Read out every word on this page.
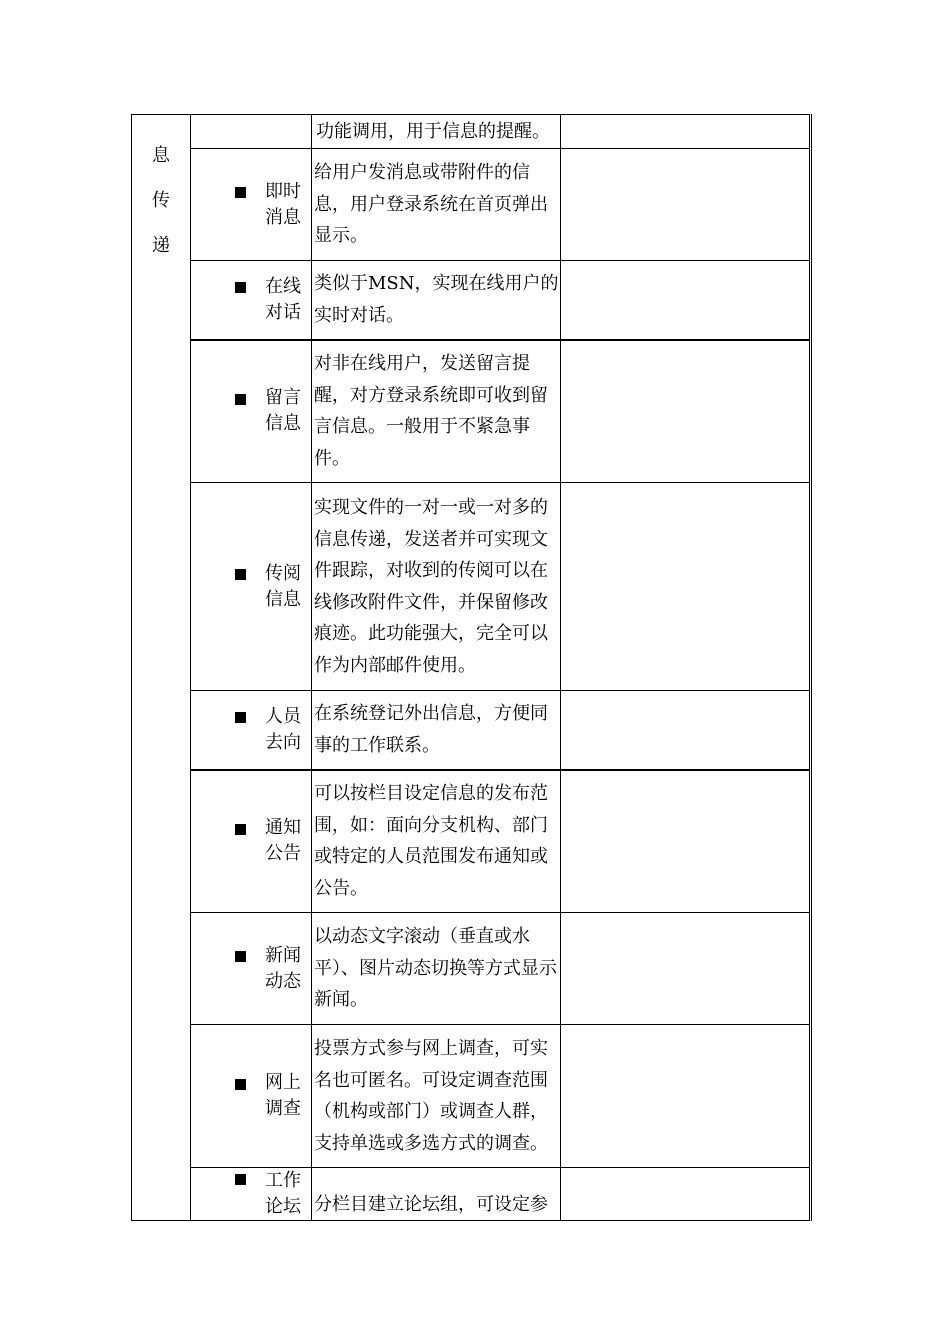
息
传
递		功能调用，用于信息的提醒。	

	即时消息	给用户发消息或带附件的信息，用户登录系统在首页弹出显示。	

	在线对话	类似于MSN，实现在线用户的实时对话。	

	留言信息	对非在线用户，发送留言提醒，对方登录系统即可收到留言信息。一般用于不紧急事件。	

	传阅信息	实现文件的一对一或一对多的信息传递，发送者并可实现文件跟踪，对收到的传阅可以在线修改附件文件，并保留修改痕迹。此功能强大，完全可以作为内部邮件使用。	

	人员去向	在系统登记外出信息，方便同事的工作联系。	

	通知公告	可以按栏目设定信息的发布范围，如：面向分支机构、部门或特定的人员范围发布通知或公告。	

	新闻动态	以动态文字滚动（垂直或水平）、图片动态切换等方式显示新闻。	

	网上调查	投票方式参与网上调查，可实名也可匿名。可设定调查范围（机构或部门）或调查人群，支持单选或多选方式的调查。	

	工作论坛	分栏目建立论坛组，可设定参	
